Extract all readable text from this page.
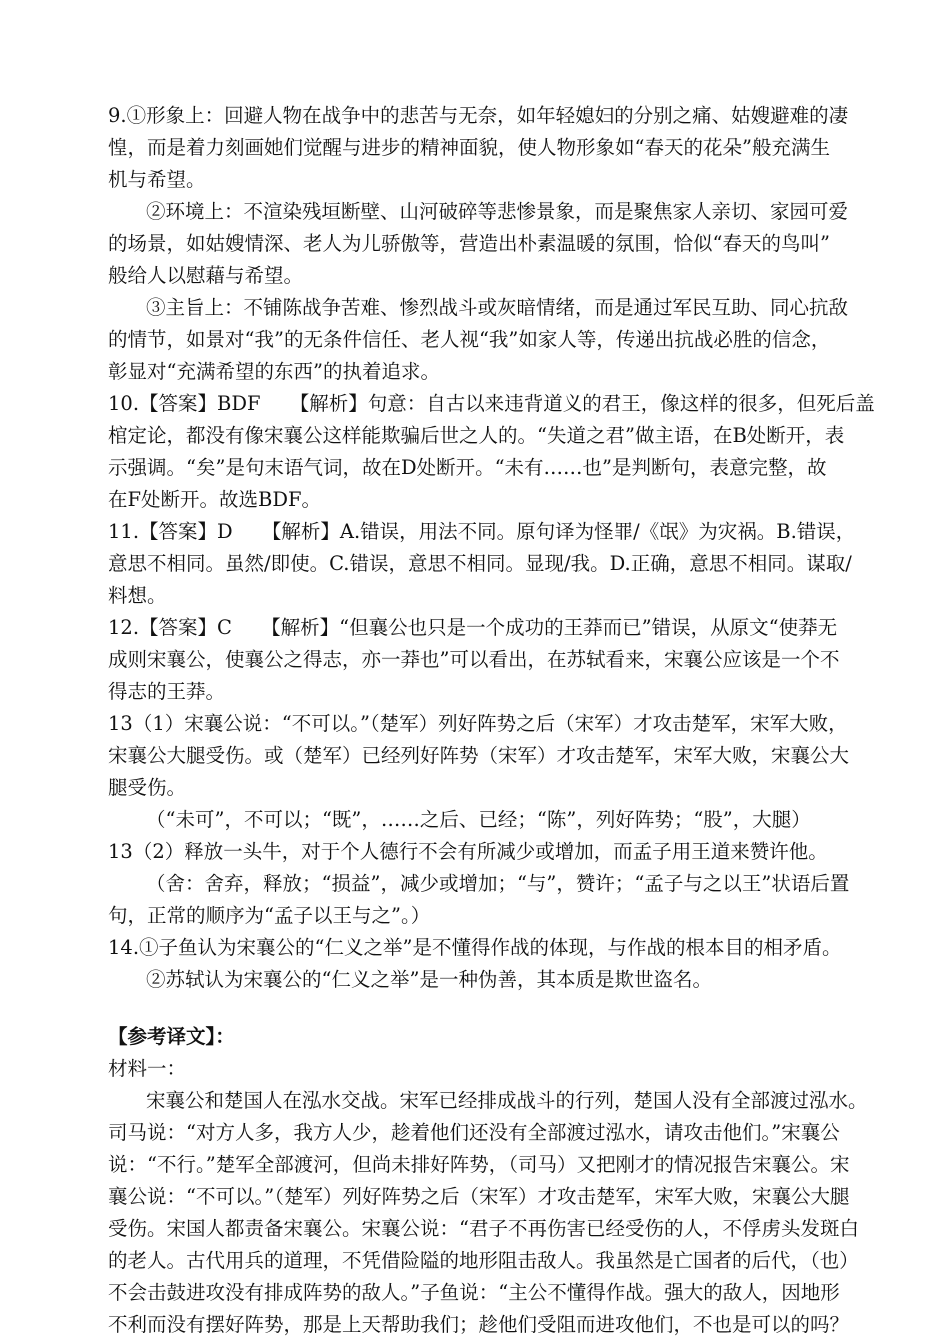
9.①形象上：回避人物在战争中的悲苦与无奈，如年轻媳妇的分别之痛、姑嫂避难的凄
惶，而是着力刻画她们觉醒与进步的精神面貌，使人物形象如“春天的花朵”般充满生
机与希望。
②环境上：不渲染残垣断壁、山河破碎等悲惨景象，而是聚焦家人亲切、家园可爱
的场景，如姑嫂情深、老人为儿骄傲等，营造出朴素温暖的氛围，恰似“春天的鸟叫”
般给人以慰藉与希望。
③主旨上：不铺陈战争苦难、惨烈战斗或灰暗情绪，而是通过军民互助、同心抗敌
的情节，如景对“我”的无条件信任、老人视“我”如家人等，传递出抗战必胜的信念，
彰显对“充满希望的东西”的执着追求。
10.【答案】BDF　　【解析】句意：自古以来违背道义的君王，像这样的很多，但死后盖
棺定论，都没有像宋襄公这样能欺骗后世之人的。“失道之君”做主语，在B处断开，表
示强调。“矣”是句末语气词，故在D处断开。“未有……也”是判断句，表意完整，故
在F处断开。故选BDF。
11.【答案】D　　【解析】A.错误，用法不同。原句译为怪罪/《氓》为灾祸。B.错误，
意思不相同。虽然/即使。C.错误，意思不相同。显现/我。D.正确，意思不相同。谋取/
料想。
12.【答案】C　　【解析】“但襄公也只是一个成功的王莽而已”错误，从原文“使莽无
成则宋襄公，使襄公之得志，亦一莽也”可以看出，在苏轼看来，宋襄公应该是一个不
得志的王莽。
13（1）宋襄公说：“不可以。”（楚军）列好阵势之后（宋军）才攻击楚军，宋军大败，
宋襄公大腿受伤。或（楚军）已经列好阵势（宋军）才攻击楚军，宋军大败，宋襄公大
腿受伤。
（“未可”，不可以；“既”，……之后、已经；“陈”，列好阵势；“股”，大腿）
13（2）释放一头牛，对于个人德行不会有所减少或增加，而孟子用王道来赞许他。
（舍：舍弃，释放；“损益”，减少或增加；“与”，赞许；“孟子与之以王”状语后置
句，正常的顺序为“孟子以王与之”。）
14.①子鱼认为宋襄公的“仁义之举”是不懂得作战的体现，与作战的根本目的相矛盾。
②苏轼认为宋襄公的“仁义之举”是一种伪善，其本质是欺世盗名。
【参考译文】：
材料一：
宋襄公和楚国人在泓水交战。宋军已经排成战斗的行列，楚国人没有全部渡过泓水。
司马说：“对方人多，我方人少，趁着他们还没有全部渡过泓水，请攻击他们。”宋襄公
说：“不行。”楚军全部渡河，但尚未排好阵势，（司马）又把刚才的情况报告宋襄公。宋
襄公说：“不可以。”（楚军）列好阵势之后（宋军）才攻击楚军，宋军大败，宋襄公大腿
受伤。宋国人都责备宋襄公。宋襄公说：“君子不再伤害已经受伤的人，不俘虏头发斑白
的老人。古代用兵的道理，不凭借险隘的地形阻击敌人。我虽然是亡国者的后代，（也）
不会击鼓进攻没有排成阵势的敌人。”子鱼说：“主公不懂得作战。强大的敌人，因地形
不利而没有摆好阵势，那是上天帮助我们；趁他们受阻而进攻他们，不也是可以的吗？
